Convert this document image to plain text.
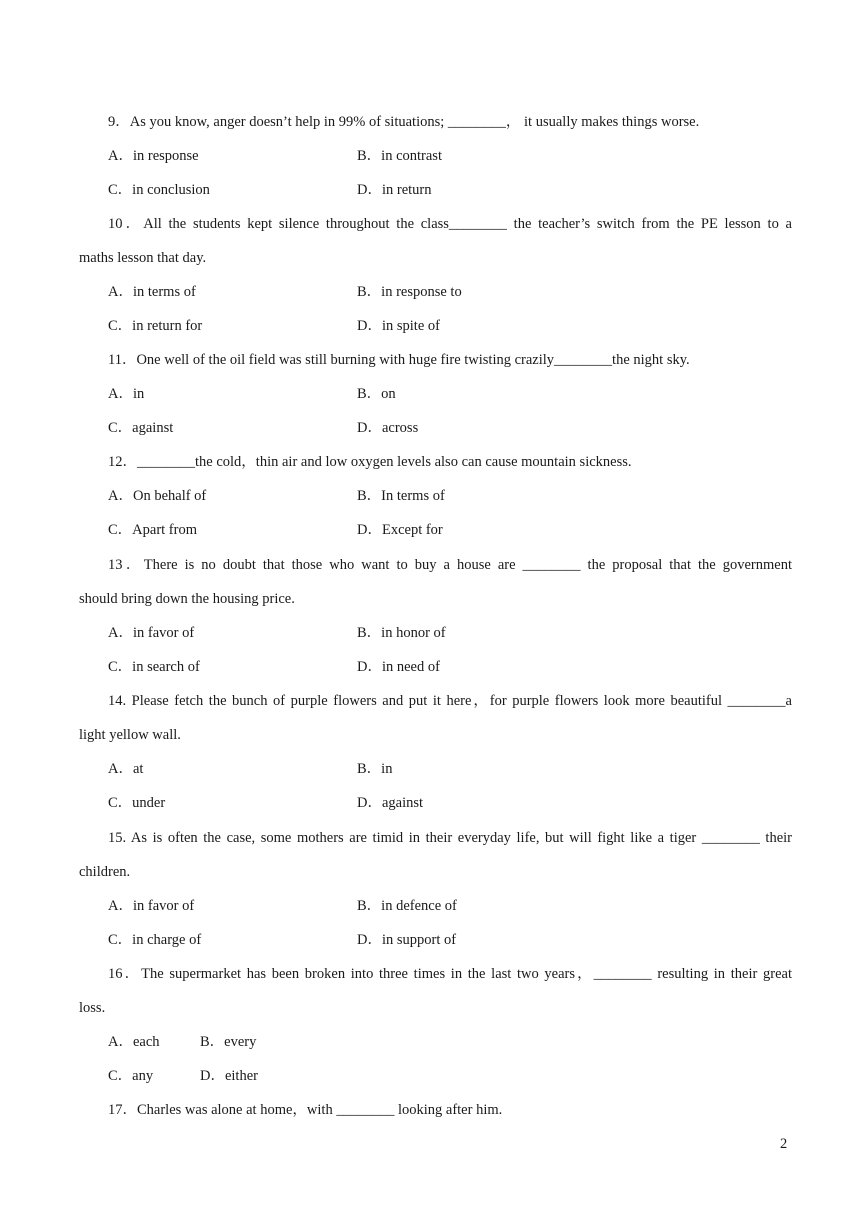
9．As you know, anger doesn’t help in 99% of situations; ________， it usually makes things worse.
A．in response	B．in contrast
C．in conclusion	D．in return
10．All the students kept silence throughout the class________ the teacher’s switch from the PE lesson to a
maths lesson that day.
A．in terms of	B．in response to
C．in return for	D．in spite of
11．One well of the oil field was still burning with huge fire twisting crazily________the night sky.
A．in	B．on
C．against	D．across
12．________the cold，thin air and low oxygen levels also can cause mountain sickness.
A．On behalf of	B．In terms of
C．Apart from	D．Except for
13．There is no doubt that those who want to buy a house are ________ the proposal that the government
should bring down the housing price.
A．in favor of	B．in honor of
C．in search of	D．in need of
14. Please fetch the bunch of purple flowers and put it here，for purple flowers look more beautiful ________a
light yellow wall.
A．at	B．in
C．under	D．against
15. As is often the case, some mothers are timid in their everyday life, but will fight like a tiger ________ their
children.
A．in favor of	B．in defence of
C．in charge of	D．in support of
16．The supermarket has been broken into three times in the last two years，________ resulting in their great
loss.
A．each	B．every
C．any	D．either
17．Charles was alone at home，with ________ looking after him.
2
